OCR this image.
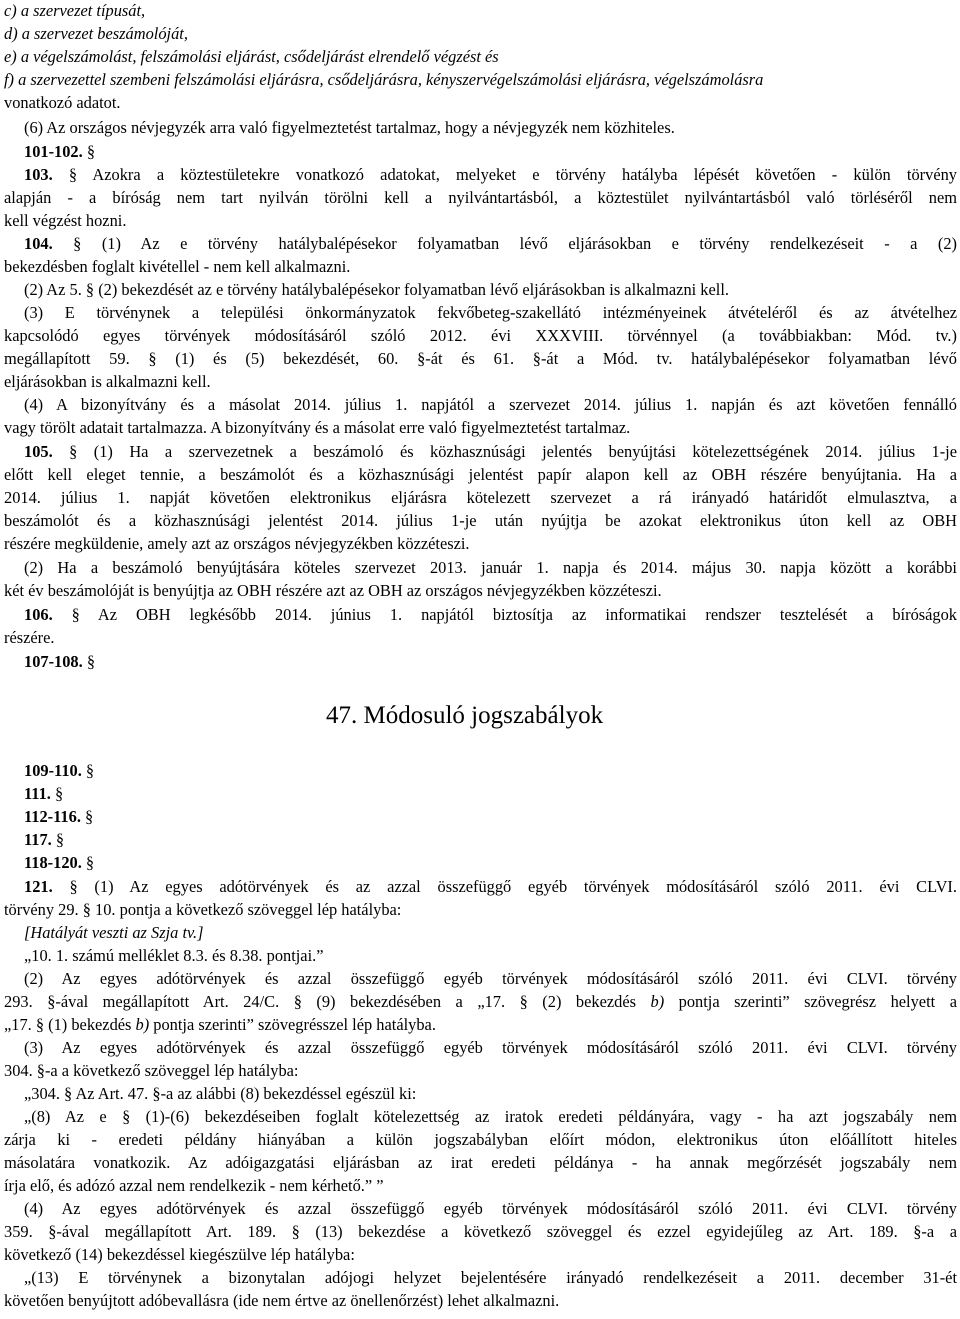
47. Módosuló jogszabályok
c) a szervezet típusát,
d) a szervezet beszámolóját,
e) a végelszámolást, felszámolási eljárást, csődeljárást elrendelő végzést és
f) a szervezettel szembeni felszámolási eljárásra, csődeljárásra, kényszervégelszámolási eljárásra, végelszámolásra
vonatkozó adatot.
(6) Az országos névjegyzék arra való figyelmeztetést tartalmaz, hogy a névjegyzék nem közhiteles.
101-102. §
103. § Azokra a köztestületekre vonatkozó adatokat, melyeket e törvény hatályba lépését követően - külön törvény
alapján - a bíróság nem tart nyilván törölni kell a nyilvántartásból, a köztestület nyilvántartásból való törléséről nem
kell végzést hozni.
104. § (1) Az e törvény hatálybalépésekor folyamatban lévő eljárásokban e törvény rendelkezéseit - a (2)
bekezdésben foglalt kivétellel - nem kell alkalmazni.
(2) Az 5. § (2) bekezdését az e törvény hatálybalépésekor folyamatban lévő eljárásokban is alkalmazni kell.
(3) E törvénynek a települési önkormányzatok fekvőbeteg-szakellátó intézményeinek átvételéről és az átvételhez
kapcsolódó egyes törvények módosításáról szóló 2012. évi XXXVIII. törvénnyel (a továbbiakban: Mód. tv.)
megállapított 59. § (1) és (5) bekezdését, 60. §-át és 61. §-át a Mód. tv. hatálybalépésekor folyamatban lévő
eljárásokban is alkalmazni kell.
(4) A bizonyítvány és a másolat 2014. július 1. napjától a szervezet 2014. július 1. napján és azt követően fennálló
vagy törölt adatait tartalmazza. A bizonyítvány és a másolat erre való figyelmeztetést tartalmaz.
105. § (1) Ha a szervezetnek a beszámoló és közhasznúsági jelentés benyújtási kötelezettségének 2014. július 1-je
előtt kell eleget tennie, a beszámolót és a közhasznúsági jelentést papír alapon kell az OBH részére benyújtania. Ha a
2014. július 1. napját követően elektronikus eljárásra kötelezett szervezet a rá irányadó határidőt elmulasztva, a
beszámolót és a közhasznúsági jelentést 2014. július 1-je után nyújtja be azokat elektronikus úton kell az OBH
részére megküldenie, amely azt az országos névjegyzékben közzéteszi.
(2) Ha a beszámoló benyújtására köteles szervezet 2013. január 1. napja és 2014. május 30. napja között a korábbi
két év beszámolóját is benyújtja az OBH részére azt az OBH az országos névjegyzékben közzéteszi.
106. § Az OBH legkésőbb 2014. június 1. napjától biztosítja az informatikai rendszer tesztelését a bíróságok
részére.
107-108. §
109-110. §
111. §
112-116. §
117. §
118-120. §
121. § (1) Az egyes adótörvények és az azzal összefüggő egyéb törvények módosításáról szóló 2011. évi CLVI.
törvény 29. § 10. pontja a következő szöveggel lép hatályba:
[Hatályát veszti az Szja tv.]
„10. 1. számú melléklet 8.3. és 8.38. pontjai.”
(2) Az egyes adótörvények és azzal összefüggő egyéb törvények módosításáról szóló 2011. évi CLVI. törvény
293. §-ával megállapított Art. 24/C. § (9) bekezdésében a „17. § (2) bekezdés b) pontja szerinti” szövegrész helyett a
„17. § (1) bekezdés b) pontja szerinti” szövegrésszel lép hatályba.
(3) Az egyes adótörvények és azzal összefüggő egyéb törvények módosításáról szóló 2011. évi CLVI. törvény
304. §-a a következő szöveggel lép hatályba:
„304. § Az Art. 47. §-a az alábbi (8) bekezdéssel egészül ki:
„(8) Az e § (1)-(6) bekezdéseiben foglalt kötelezettség az iratok eredeti példányára, vagy - ha azt jogszabály nem
zárja ki - eredeti példány hiányában a külön jogszabályban előírt módon, elektronikus úton előállított hiteles
másolatára vonatkozik. Az adóigazgatási eljárásban az irat eredeti példánya - ha annak megőrzését jogszabály nem
írja elő, és adózó azzal nem rendelkezik - nem kérhető.” ”
(4) Az egyes adótörvények és azzal összefüggő egyéb törvények módosításáról szóló 2011. évi CLVI. törvény
359. §-ával megállapított Art. 189. § (13) bekezdése a következő szöveggel és ezzel egyidejűleg az Art. 189. §-a a
következő (14) bekezdéssel kiegészülve lép hatályba:
„(13) E törvénynek a bizonytalan adójogi helyzet bejelentésére irányadó rendelkezéseit a 2011. december 31-ét
követően benyújtott adóbevallásra (ide nem értve az önellenőrzést) lehet alkalmazni.
